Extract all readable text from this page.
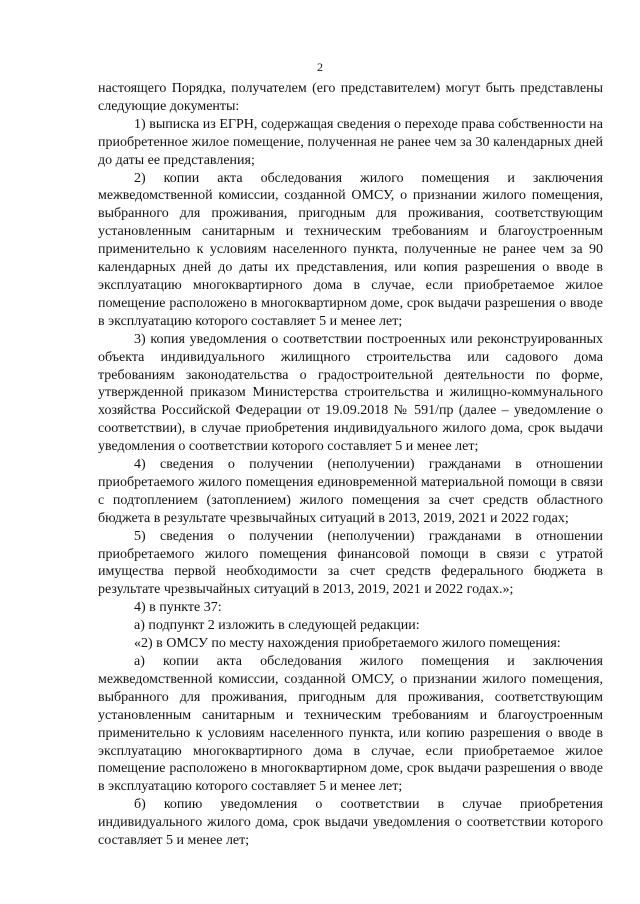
2

настоящего Порядка, получателем (его представителем) могут быть представлены следующие документы:

1) выписка из ЕГРН, содержащая сведения о переходе права собственности на приобретенное жилое помещение, полученная не ранее чем за 30 календарных дней до даты ее представления;

2) копии акта обследования жилого помещения и заключения межведомственной комиссии, созданной ОМСУ, о признании жилого помещения, выбранного для проживания, пригодным для проживания, соответствующим установленным санитарным и техническим требованиям и благоустроенным применительно к условиям населенного пункта, полученные не ранее чем за 90 календарных дней до даты их представления, или копия разрешения о вводе в эксплуатацию многоквартирного дома в случае, если приобретаемое жилое помещение расположено в многоквартирном доме, срок выдачи разрешения о вводе в эксплуатацию которого составляет 5 и менее лет;

3) копия уведомления о соответствии построенных или реконструированных объекта индивидуального жилищного строительства или садового дома требованиям законодательства о градостроительной деятельности по форме, утвержденной приказом Министерства строительства и жилищно-коммунального хозяйства Российской Федерации от 19.09.2018 № 591/пр (далее – уведомление о соответствии), в случае приобретения индивидуального жилого дома, срок выдачи уведомления о соответствии которого составляет 5 и менее лет;

4) сведения о получении (неполучении) гражданами в отношении приобретаемого жилого помещения единовременной материальной помощи в связи с подтоплением (затоплением) жилого помещения за счет средств областного бюджета в результате чрезвычайных ситуаций в 2013, 2019, 2021 и 2022 годах;

5) сведения о получении (неполучении) гражданами в отношении приобретаемого жилого помещения финансовой помощи в связи с утратой имущества первой необходимости за счет средств федерального бюджета в результате чрезвычайных ситуаций в 2013, 2019, 2021 и 2022 годах.»;

4) в пункте 37:

а) подпункт 2 изложить в следующей редакции:

«2) в ОМСУ по месту нахождения приобретаемого жилого помещения:

а) копии акта обследования жилого помещения и заключения межведомственной комиссии, созданной ОМСУ, о признании жилого помещения, выбранного для проживания, пригодным для проживания, соответствующим установленным санитарным и техническим требованиям и благоустроенным применительно к условиям населенного пункта, или копию разрешения о вводе в эксплуатацию многоквартирного дома в случае, если приобретаемое жилое помещение расположено в многоквартирном доме, срок выдачи разрешения о вводе в эксплуатацию которого составляет 5 и менее лет;

б) копию уведомления о соответствии в случае приобретения индивидуального жилого дома, срок выдачи уведомления о соответствии которого составляет 5 и менее лет;
